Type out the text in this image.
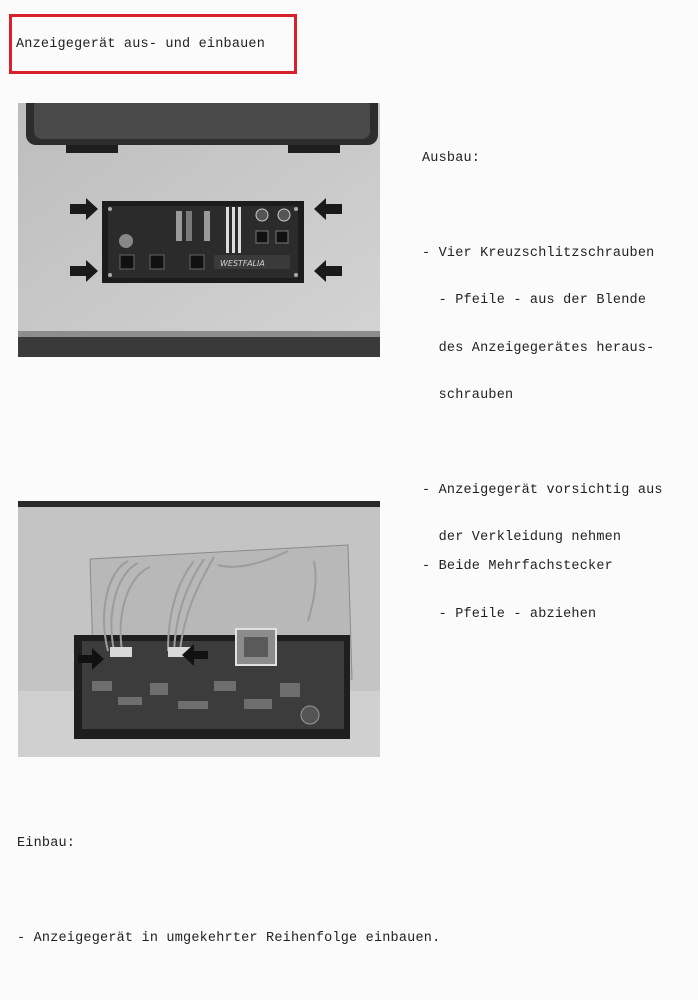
Anzeigegerät aus- und einbauen
WESTFALIA

Ausbau:

- Vier Kreuzschlitzschrauben

- Pfeile - aus der Blende

des Anzeigegerätes heraus-

schrauben

- Anzeigegerät vorsichtig aus

der Verkleidung nehmen

- Beide Mehrfachstecker

- Pfeile - abziehen

Einbau:

- Anzeigegerät in umgekehrter Reihenfolge einbauen.
